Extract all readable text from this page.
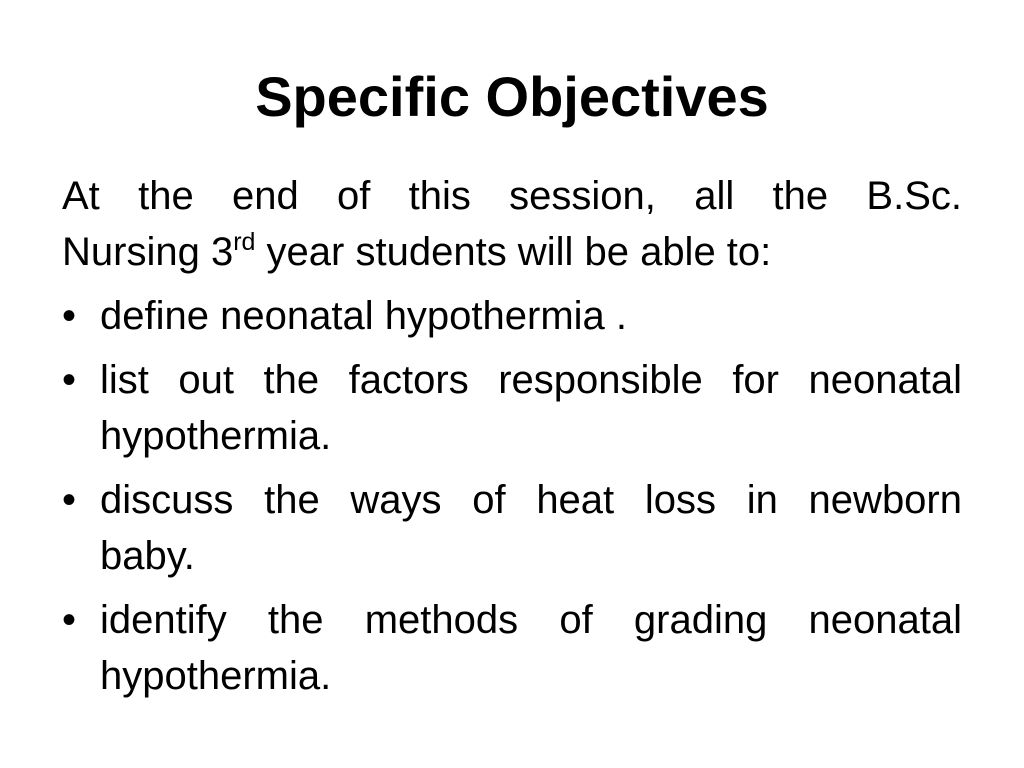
Specific Objectives

At the end of this session, all the B.Sc.
Nursing 3rd year students will be able to:

• define neonatal hypothermia .
• list out the factors responsible for neonatal
hypothermia.
• discuss the ways of heat loss in newborn
baby.
• identify the methods of grading neonatal
hypothermia.
